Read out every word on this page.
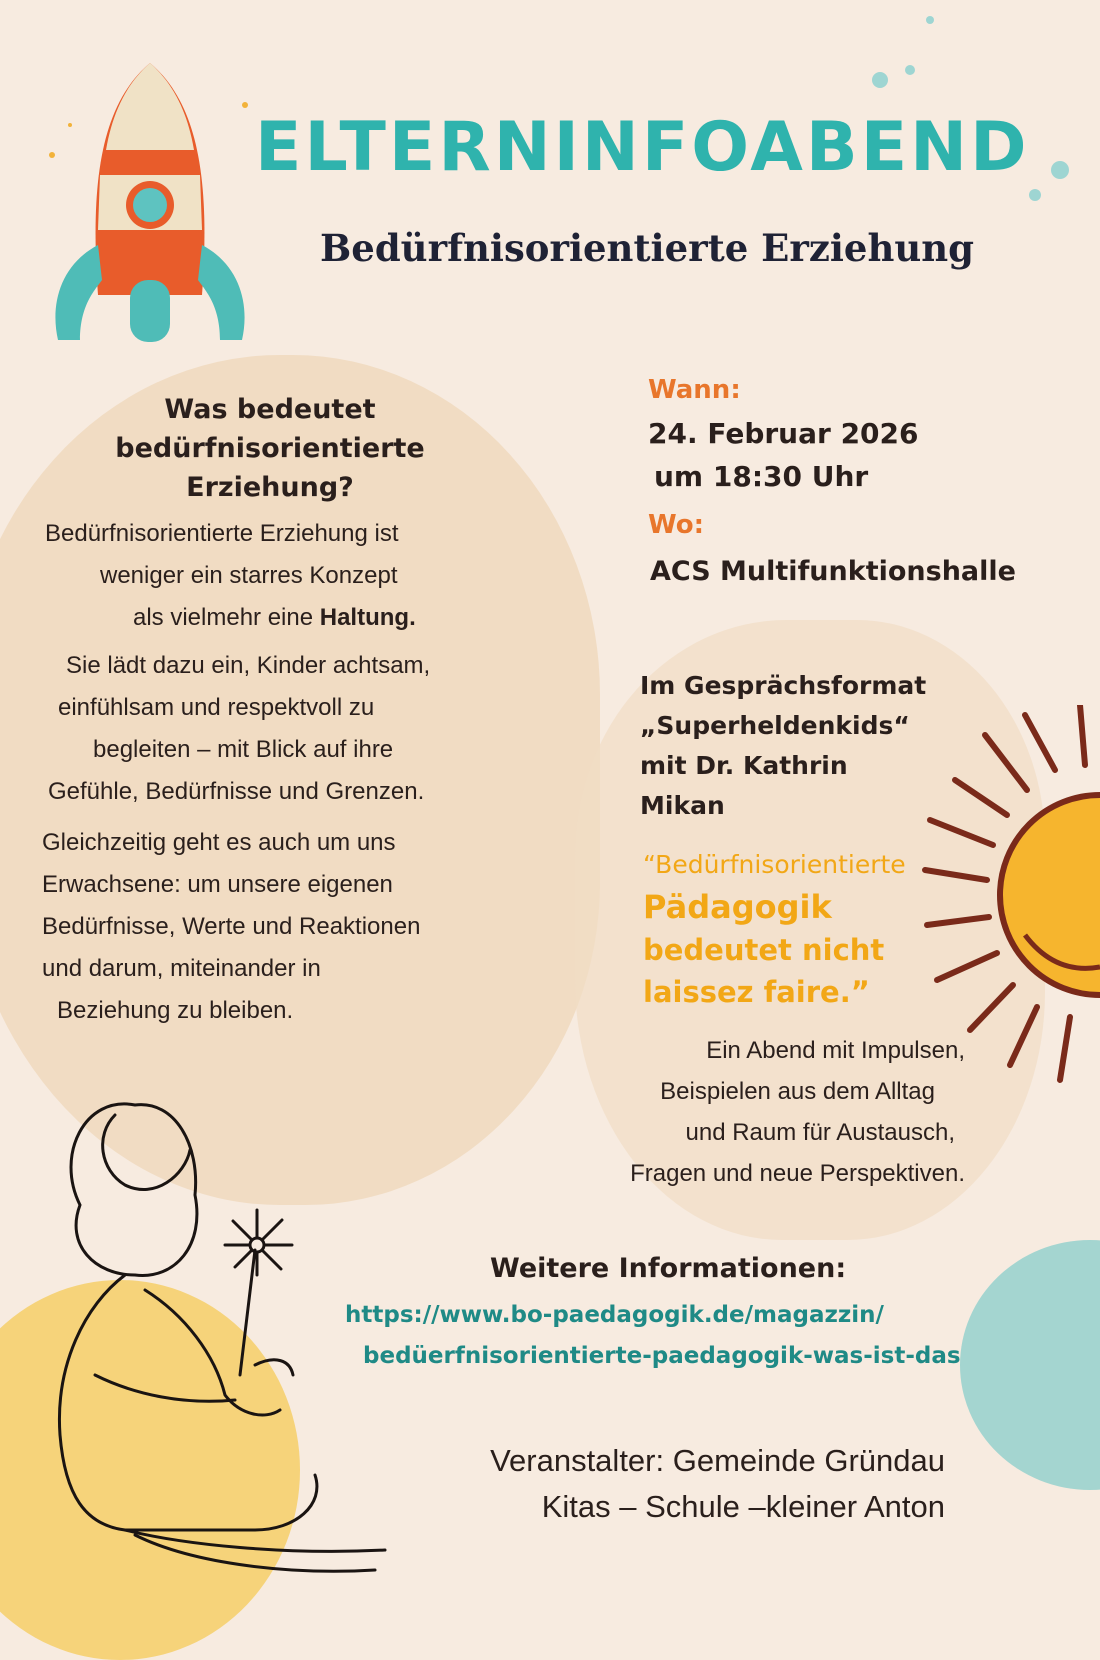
ELTERNINFOABEND
Bedürfnisorientierte Erziehung
Was bedeutet
bedürfnisorientierte
Erziehung?
Bedürfnisorientierte Erziehung ist
weniger ein starres Konzept
als vielmehr eine Haltung.
Sie lädt dazu ein, Kinder achtsam,
einfühlsam und respektvoll zu
begleiten – mit Blick auf ihre
Gefühle, Bedürfnisse und Grenzen.
Gleichzeitig geht es auch um uns
Erwachsene: um unsere eigenen
Bedürfnisse, Werte und Reaktionen
und darum, miteinander in
Beziehung zu bleiben.
Wann:
24. Februar 2026
um 18:30 Uhr
Wo:
ACS Multifunktionshalle
Im Gesprächsformat
„Superheldenkids“
mit Dr. Kathrin
Mikan
“Bedürfnisorientierte
Pädagogik
bedeutet nicht
laissez faire.”
Ein Abend mit Impulsen,
Beispielen aus dem Alltag
und Raum für Austausch,
Fragen und neue Perspektiven.
Weitere Informationen:
https://www.bo-paedagogik.de/magazzin/
bedüerfnisorientierte-paedagogik-was-ist-das
Veranstalter: Gemeinde Gründau
Kitas – Schule –kleiner Anton
